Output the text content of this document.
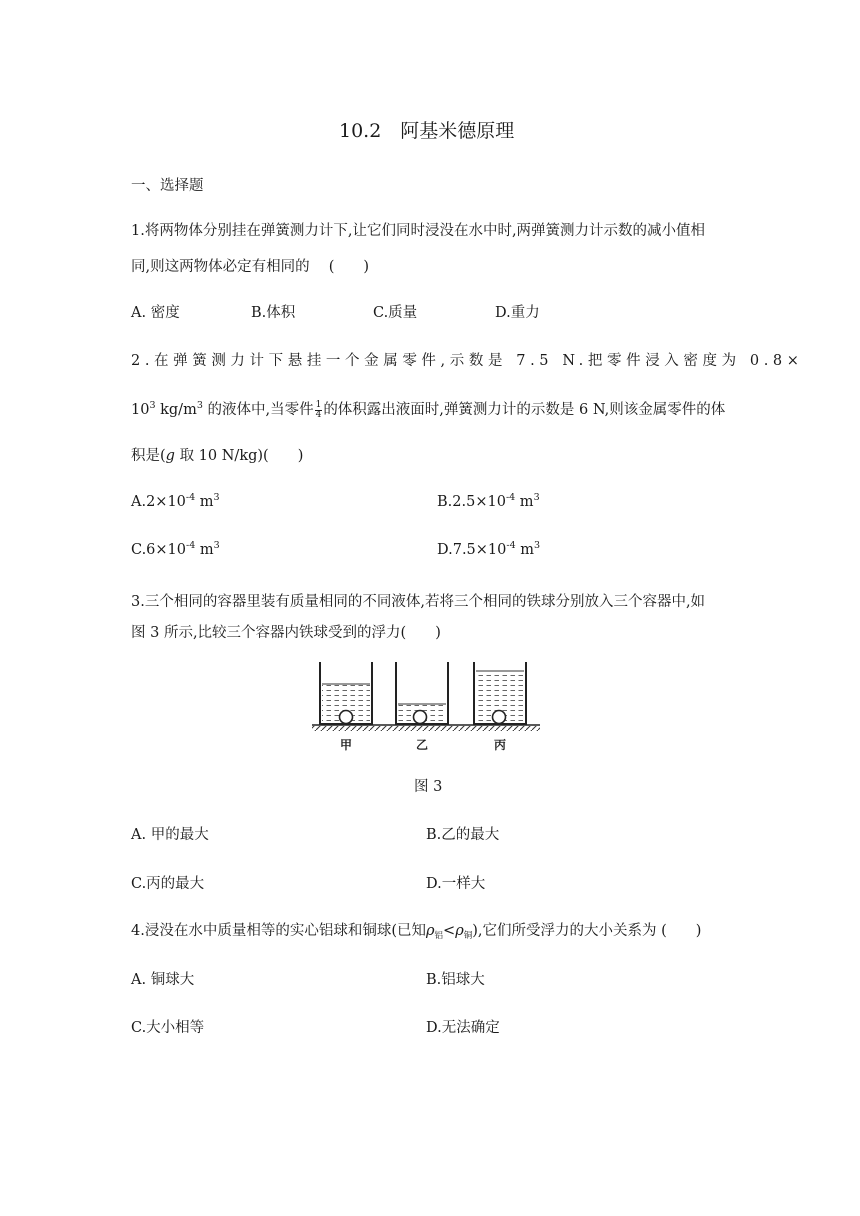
10.2　阿基米德原理
一、选择题
1.将两物体分别挂在弹簧测力计下,让它们同时浸没在水中时,两弹簧测力计示数的减小值相
同,则这两物体必定有相同的　 (　　)
A. 密度	B.体积	C.质量	D.重力
2.在弹簧测力计下悬挂一个金属零件,示数是 7.5 N.把零件浸入密度为 0.8×
$10^3$ $kg/m^3$ 的液体中,当零件 $\frac{1}{4}$ 的体积露出液面时,弹簧测力计的示数是 6 N,则该金属零件的体
积是(g 取 10 N/kg)(　　)
$A.2\times 10^{-4}$ $m^3$	$B.2.5\times 10^{-4}$ $m^3$
$C.6\times 10^{-4}$ $m^3$	$D.7.5\times 10^{-4}$ $m^3$
3.三个相同的容器里装有质量相同的不同液体,若将三个相同的铁球分别放入三个容器中,如
图 3 所示,比较三个容器内铁球受到的浮力(　　)
甲	乙	丙
图 3
A. 甲的最大	B.乙的最大
C.丙的最大	D.一样大
4.浸没在水中质量相等的实心铝球和铜球(已知$\rho_铝<\rho_铜$),它们所受浮力的大小关系为 (　　)
A. 铜球大	B.铝球大
C.大小相等	D.无法确定
